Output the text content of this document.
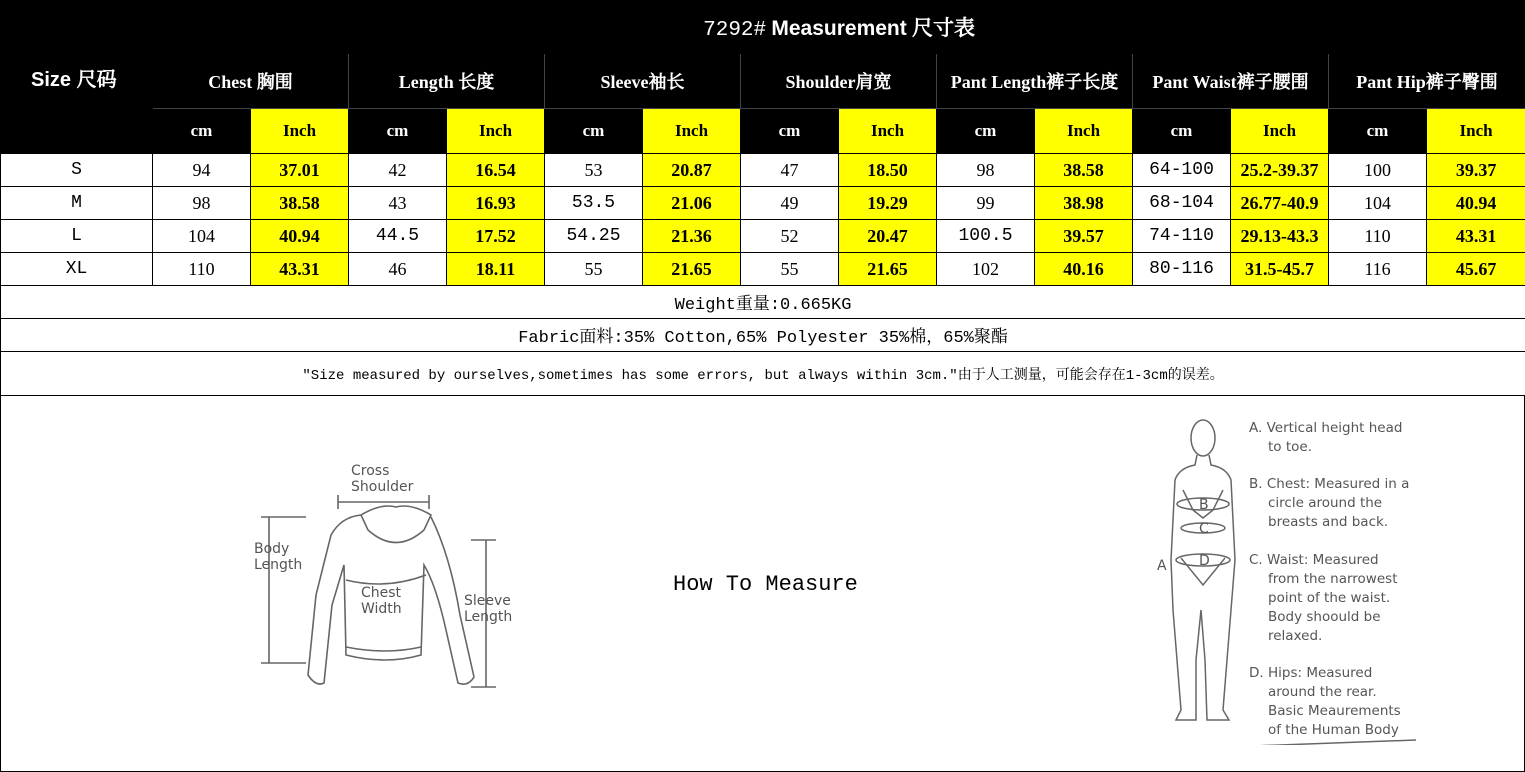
Size 尺码	7292# Measurement 尺寸表													
	Chest 胸围		Length 长度		Sleeve袖长		Shoulder肩宽		Pant Length裤子长度		Pant Waist裤子腰围		Pant Hip裤子臀围	
	cm	Inch	cm	Inch	cm	Inch	cm	Inch	cm	Inch	cm	Inch	cm	Inch
S	94	37.01	42	16.54	53	20.87	47	18.50	98	38.58	64-100	25.2-39.37	100	39.37
M	98	38.58	43	16.93	53.5	21.06	49	19.29	99	38.98	68-104	26.77-40.9	104	40.94
L	104	40.94	44.5	17.52	54.25	21.36	52	20.47	100.5	39.57	74-110	29.13-43.3	110	43.31
XL	110	43.31	46	18.11	55	21.65	55	21.65	102	40.16	80-116	31.5-45.7	116	45.67
Weight重量:0.665KG														
Fabric面料:35% Cotton,65% Polyester 35%棉，65%聚酯														
"Size measured by ourselves,sometimes has some errors, but always within 3cm."由于人工测量，可能会存在1-3cm的误差。														
Cross
Shoulder
Body
Length
Chest
Width	Sleeve
Length
How To Measure
B
C
D
A
A. Vertical height head
to toe.
B. Chest: Measured in a
circle around the
breasts and back.
C. Waist: Measured
from the narrowest
point of the waist.
Body shoould be
relaxed.
D. Hips: Measured
around the rear.
Basic Meaurements
of the Human Body
